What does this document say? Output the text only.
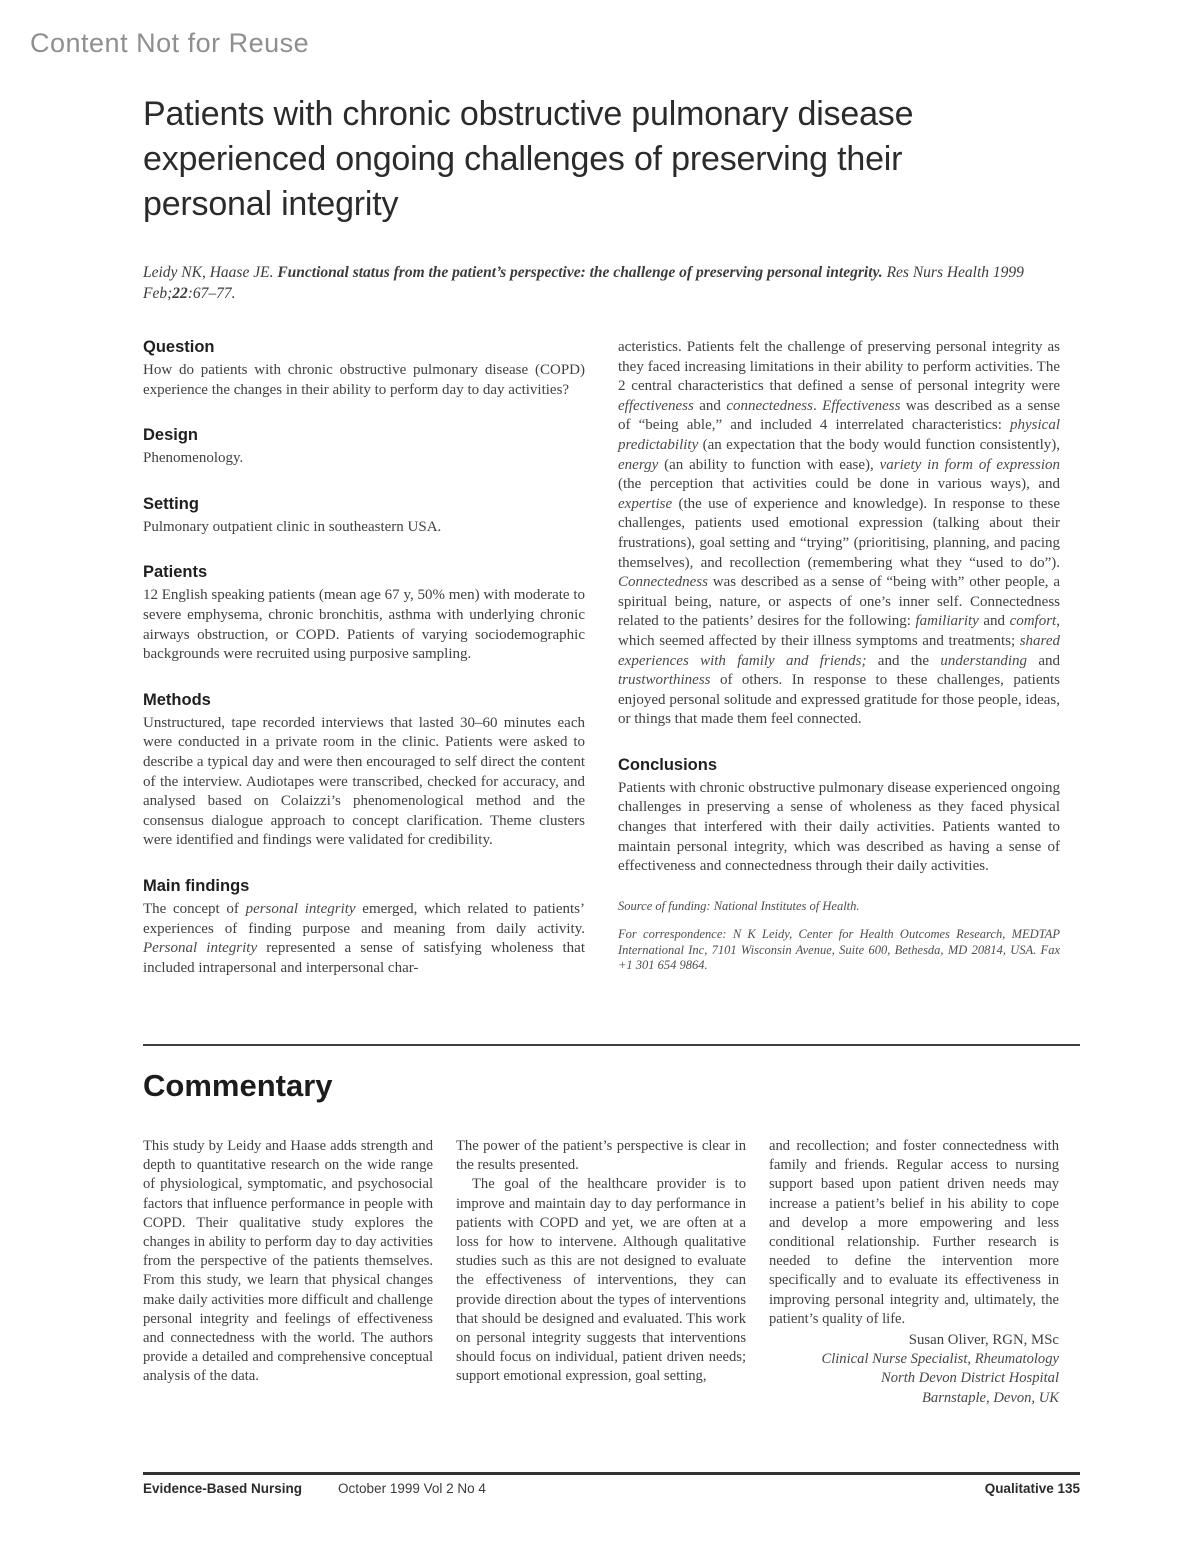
Content Not for Reuse
Patients with chronic obstructive pulmonary disease experienced ongoing challenges of preserving their personal integrity
Leidy NK, Haase JE. Functional status from the patient’s perspective: the challenge of preserving personal integrity. Res Nurs Health 1999 Feb;22:67–77.
Question

How do patients with chronic obstructive pulmonary disease (COPD) experience the changes in their ability to perform day to day activities?

Design

Phenomenology.

Setting

Pulmonary outpatient clinic in southeastern USA.

Patients

12 English speaking patients (mean age 67 y, 50% men) with moderate to severe emphysema, chronic bronchitis, asthma with underlying chronic airways obstruction, or COPD. Patients of varying sociodemographic backgrounds were recruited using purposive sampling.

Methods

Unstructured, tape recorded interviews that lasted 30–60 minutes each were conducted in a private room in the clinic. Patients were asked to describe a typical day and were then encouraged to self direct the content of the interview. Audiotapes were transcribed, checked for accuracy, and analysed based on Colaizzi’s phenomenological method and the consensus dialogue approach to concept clarification. Theme clusters were identified and findings were validated for credibility.

Main findings

The concept of personal integrity emerged, which related to patients’ experiences of finding purpose and meaning from daily activity. Personal integrity represented a sense of satisfying wholeness that included intrapersonal and interpersonal char-

acteristics. Patients felt the challenge of preserving personal integrity as they faced increasing limitations in their ability to perform activities. The 2 central characteristics that defined a sense of personal integrity were effectiveness and connectedness. Effectiveness was described as a sense of “being able,” and included 4 interrelated characteristics: physical predictability (an expectation that the body would function consistently), energy (an ability to function with ease), variety in form of expression (the perception that activities could be done in various ways), and expertise (the use of experience and knowledge). In response to these challenges, patients used emotional expression (talking about their frustrations), goal setting and “trying” (prioritising, planning, and pacing themselves), and recollection (remembering what they “used to do”). Connectedness was described as a sense of “being with” other people, a spiritual being, nature, or aspects of one’s inner self. Connectedness related to the patients’ desires for the following: familiarity and comfort, which seemed affected by their illness symptoms and treatments; shared experiences with family and friends; and the understanding and trustworthiness of others. In response to these challenges, patients enjoyed personal solitude and expressed gratitude for those people, ideas, or things that made them feel connected.

Conclusions

Patients with chronic obstructive pulmonary disease experienced ongoing challenges in preserving a sense of wholeness as they faced physical changes that interfered with their daily activities. Patients wanted to maintain personal integrity, which was described as having a sense of effectiveness and connectedness through their daily activities.

Source of funding: National Institutes of Health.

For correspondence: N K Leidy, Center for Health Outcomes Research, MEDTAP International Inc, 7101 Wisconsin Avenue, Suite 600, Bethesda, MD 20814, USA. Fax +1 301 654 9864.

Commentary

This study by Leidy and Haase adds strength and depth to quantitative research on the wide range of physiological, symptomatic, and psychosocial factors that influence performance in people with COPD. Their qualitative study explores the changes in ability to perform day to day activities from the perspective of the patients themselves. From this study, we learn that physical changes make daily activities more difficult and challenge personal integrity and feelings of effectiveness and connectedness with the world. The authors provide a detailed and comprehensive conceptual analysis of the data.

The power of the patient’s perspective is clear in the results presented.

The goal of the healthcare provider is to improve and maintain day to day performance in patients with COPD and yet, we are often at a loss for how to intervene. Although qualitative studies such as this are not designed to evaluate the effectiveness of interventions, they can provide direction about the types of interventions that should be designed and evaluated. This work on personal integrity suggests that interventions should focus on individual, patient driven needs; support emotional expression, goal setting,

and recollection; and foster connectedness with family and friends. Regular access to nursing support based upon patient driven needs may increase a patient’s belief in his ability to cope and develop a more empowering and less conditional relationship. Further research is needed to define the intervention more specifically and to evaluate its effectiveness in improving personal integrity and, ultimately, the patient’s quality of life.

Susan Oliver, RGN, MSc

Clinical Nurse Specialist, Rheumatology

North Devon District Hospital

Barnstaple, Devon, UK

Evidence-Based Nursing	October 1999 Vol 2 No 4	Qualitative 135
